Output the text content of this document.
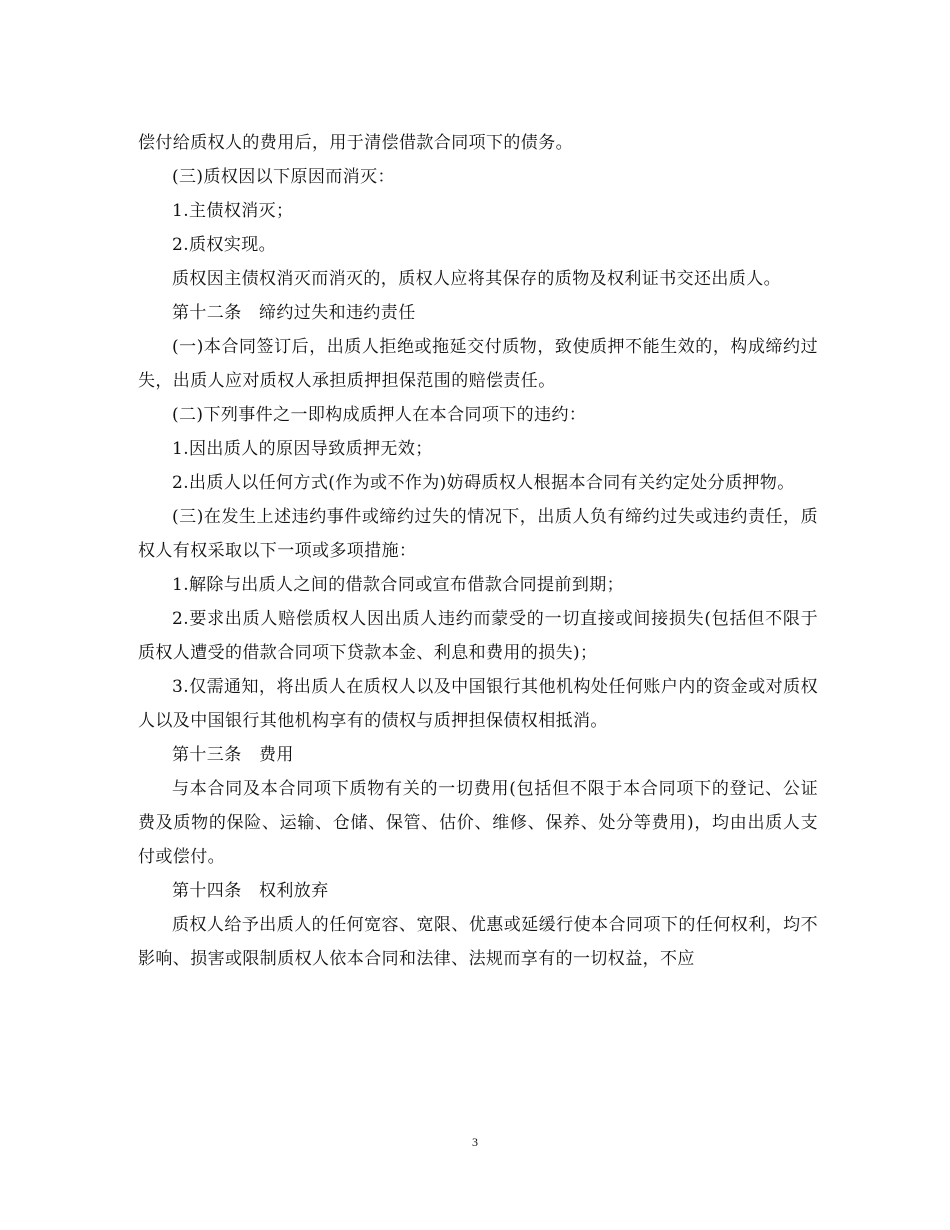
偿付给质权人的费用后，用于清偿借款合同项下的债务。

(三)质权因以下原因而消灭：

1.主债权消灭；

2.质权实现。

质权因主债权消灭而消灭的，质权人应将其保存的质物及权利证书交还出质人。

第十二条　缔约过失和违约责任

(一)本合同签订后，出质人拒绝或拖延交付质物，致使质押不能生效的，构成缔约过失，出质人应对质权人承担质押担保范围的赔偿责任。

(二)下列事件之一即构成质押人在本合同项下的违约：

1.因出质人的原因导致质押无效；

2.出质人以任何方式(作为或不作为)妨碍质权人根据本合同有关约定处分质押物。

(三)在发生上述违约事件或缔约过失的情况下，出质人负有缔约过失或违约责任，质权人有权采取以下一项或多项措施：

1.解除与出质人之间的借款合同或宣布借款合同提前到期；

2.要求出质人赔偿质权人因出质人违约而蒙受的一切直接或间接损失(包括但不限于质权人遭受的借款合同项下贷款本金、利息和费用的损失)；

3.仅需通知，将出质人在质权人以及中国银行其他机构处任何账户内的资金或对质权人以及中国银行其他机构享有的债权与质押担保债权相抵消。

第十三条　费用

与本合同及本合同项下质物有关的一切费用(包括但不限于本合同项下的登记、公证费及质物的保险、运输、仓储、保管、估价、维修、保养、处分等费用)，均由出质人支付或偿付。

第十四条　权利放弃

质权人给予出质人的任何宽容、宽限、优惠或延缓行使本合同项下的任何权利，均不影响、损害或限制质权人依本合同和法律、法规而享有的一切权益，不应

3
